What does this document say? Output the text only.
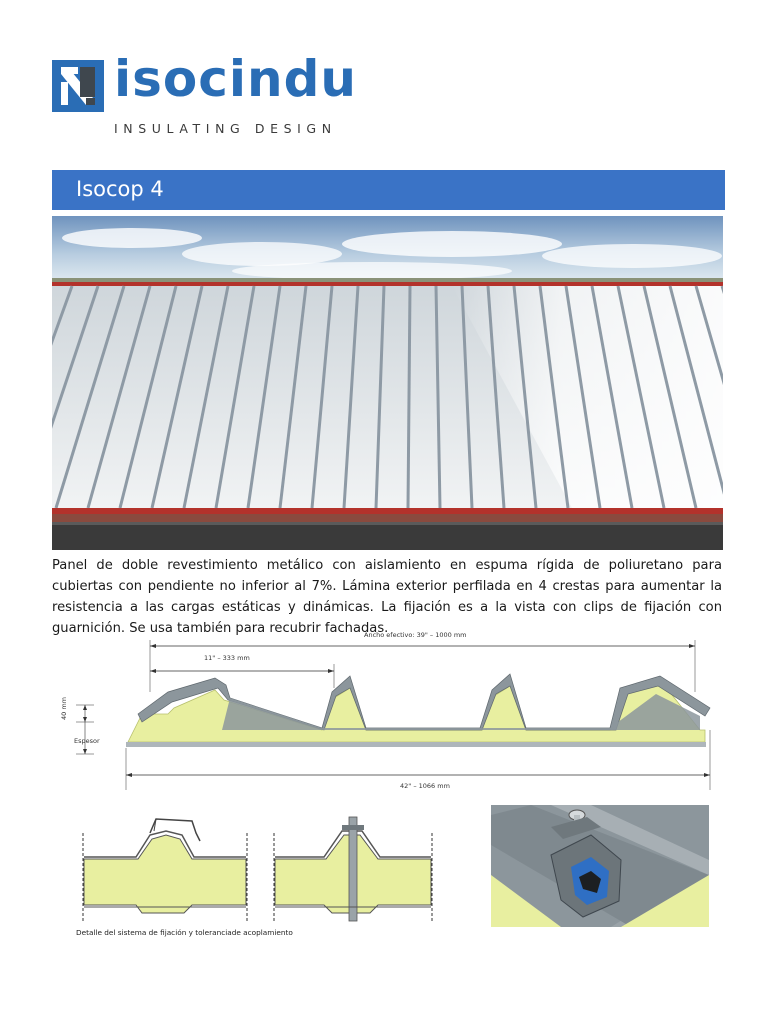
isocindu
INSULATING DESIGN
Isocop 4
Panel de doble revestimiento metálico con aislamiento en espuma rígida de poliuretano para cubiertas con pendiente no inferior al 7%. Lámina exterior perfilada en 4 crestas para aumentar la resistencia a las cargas estáticas y dinámicas. La fijación es a la vista con clips de fijación con guarnición. Se usa también para recubrir fachadas.
Ancho efectivo: 39" – 1000 mm
11" – 333 mm
42" – 1066 mm
40 mm
Espesor
Detalle del sistema de fijación y toleranciade acoplamiento
